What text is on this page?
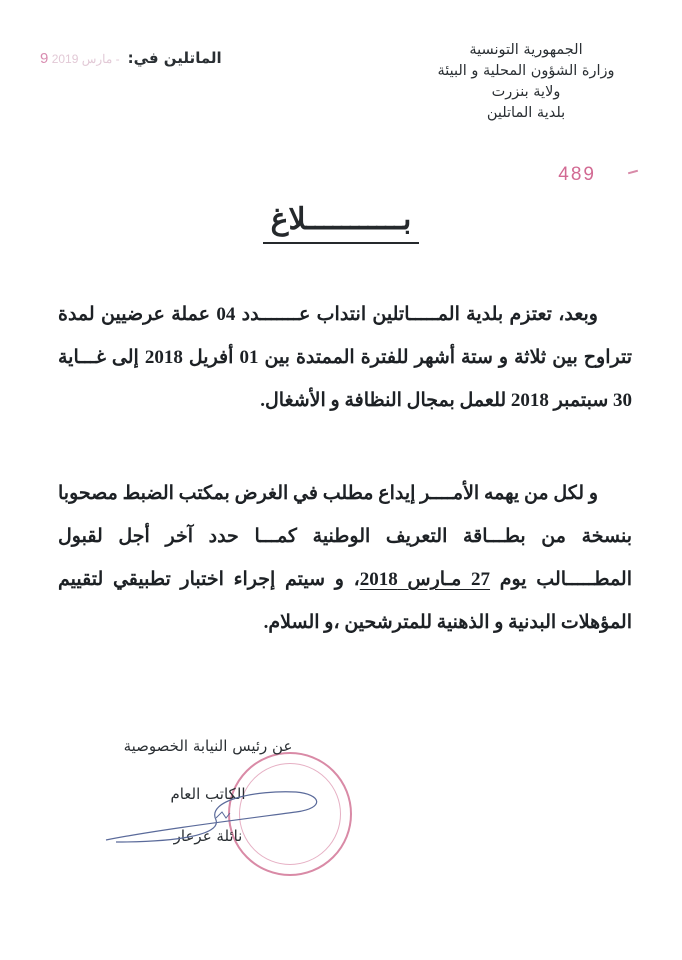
الماتلين في:
- مارس 2019 9	الجمهورية التونسية
وزارة الشؤون المحلية و البيئة
ولاية بنزرت
بلدية الماتلين
489
بـــــــــــلاغ
وبعد، تعتزم بلدية المـــــاتلين انتداب عـــــــدد 04 عملة عرضيين لمدة تتراوح بين ثلاثة و ستة أشهر للفترة الممتدة بين 01 أفريل 2018 إلى غـــاية 30 سبتمبر 2018 للعمل بمجال النظافة و الأشغال.
و لكل من يهمه الأمــــر إيداع مطلب في الغرض بمكتب الضبط مصحوبا بنسخة من بطـــاقة التعريف الوطنية كمـــا حدد آخر أجل لقبول المطـــــالب يوم 27 مـارس 2018، و سيتم إجراء اختبار تطبيقي لتقييم المؤهلات البدنية و الذهنية للمترشحين ،و السلام.
عن رئيس النيابة الخصوصية
الكاتب العام
نائلة عرعار
